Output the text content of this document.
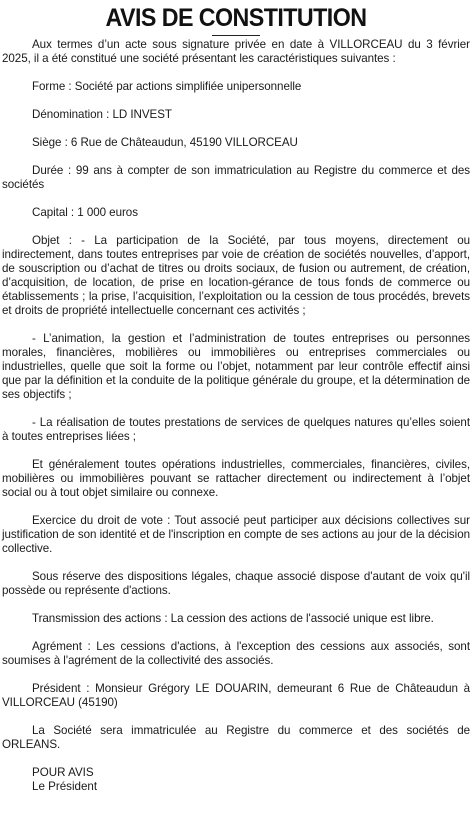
AVIS DE CONSTITUTION

Aux termes d’un acte sous signature privée en date à VILLORCEAU du 3 février 2025, il a été constitué une société présentant les caractéristiques suivantes :

Forme : Société par actions simplifiée unipersonnelle

Dénomination : LD INVEST

Siège : 6 Rue de Châteaudun, 45190 VILLORCEAU

Durée : 99 ans à compter de son immatriculation au Registre du commerce et des sociétés

Capital : 1 000 euros

Objet : - La participation de la Société, par tous moyens, directement ou indirectement, dans toutes entreprises par voie de création de sociétés nouvelles, d’apport, de souscription ou d’achat de titres ou droits sociaux, de fusion ou autrement, de création, d’acquisition, de location, de prise en location-gérance de tous fonds de commerce ou établissements ; la prise, l’acquisition, l’exploitation ou la cession de tous procédés, brevets et droits de propriété intellectuelle concernant ces activités ;

- L’animation, la gestion et l’administration de toutes entreprises ou personnes morales, financières, mobilières ou immobilières ou entreprises commerciales ou industrielles, quelle que soit la forme ou l’objet, notamment par leur contrôle effectif ainsi que par la définition et la conduite de la politique générale du groupe, et la détermination de ses objectifs ;

- La réalisation de toutes prestations de services de quelques natures qu’elles soient à toutes entreprises liées ;

Et généralement toutes opérations industrielles, commerciales, financières, civiles, mobilières ou immobilières pouvant se rattacher directement ou indirectement à l’objet social ou à tout objet similaire ou connexe.

Exercice du droit de vote : Tout associé peut participer aux décisions collectives sur justification de son identité et de l'inscription en compte de ses actions au jour de la décision collective.

Sous réserve des dispositions légales, chaque associé dispose d'autant de voix qu'il possède ou représente d'actions.

Transmission des actions : La cession des actions de l'associé unique est libre.

Agrément : Les cessions d'actions, à l'exception des cessions aux associés, sont soumises à l'agrément de la collectivité des associés.

Président : Monsieur Grégory LE DOUARIN, demeurant 6 Rue de Châteaudun à VILLORCEAU (45190)

La Société sera immatriculée au Registre du commerce et des sociétés de ORLEANS.

POUR AVIS

Le Président
